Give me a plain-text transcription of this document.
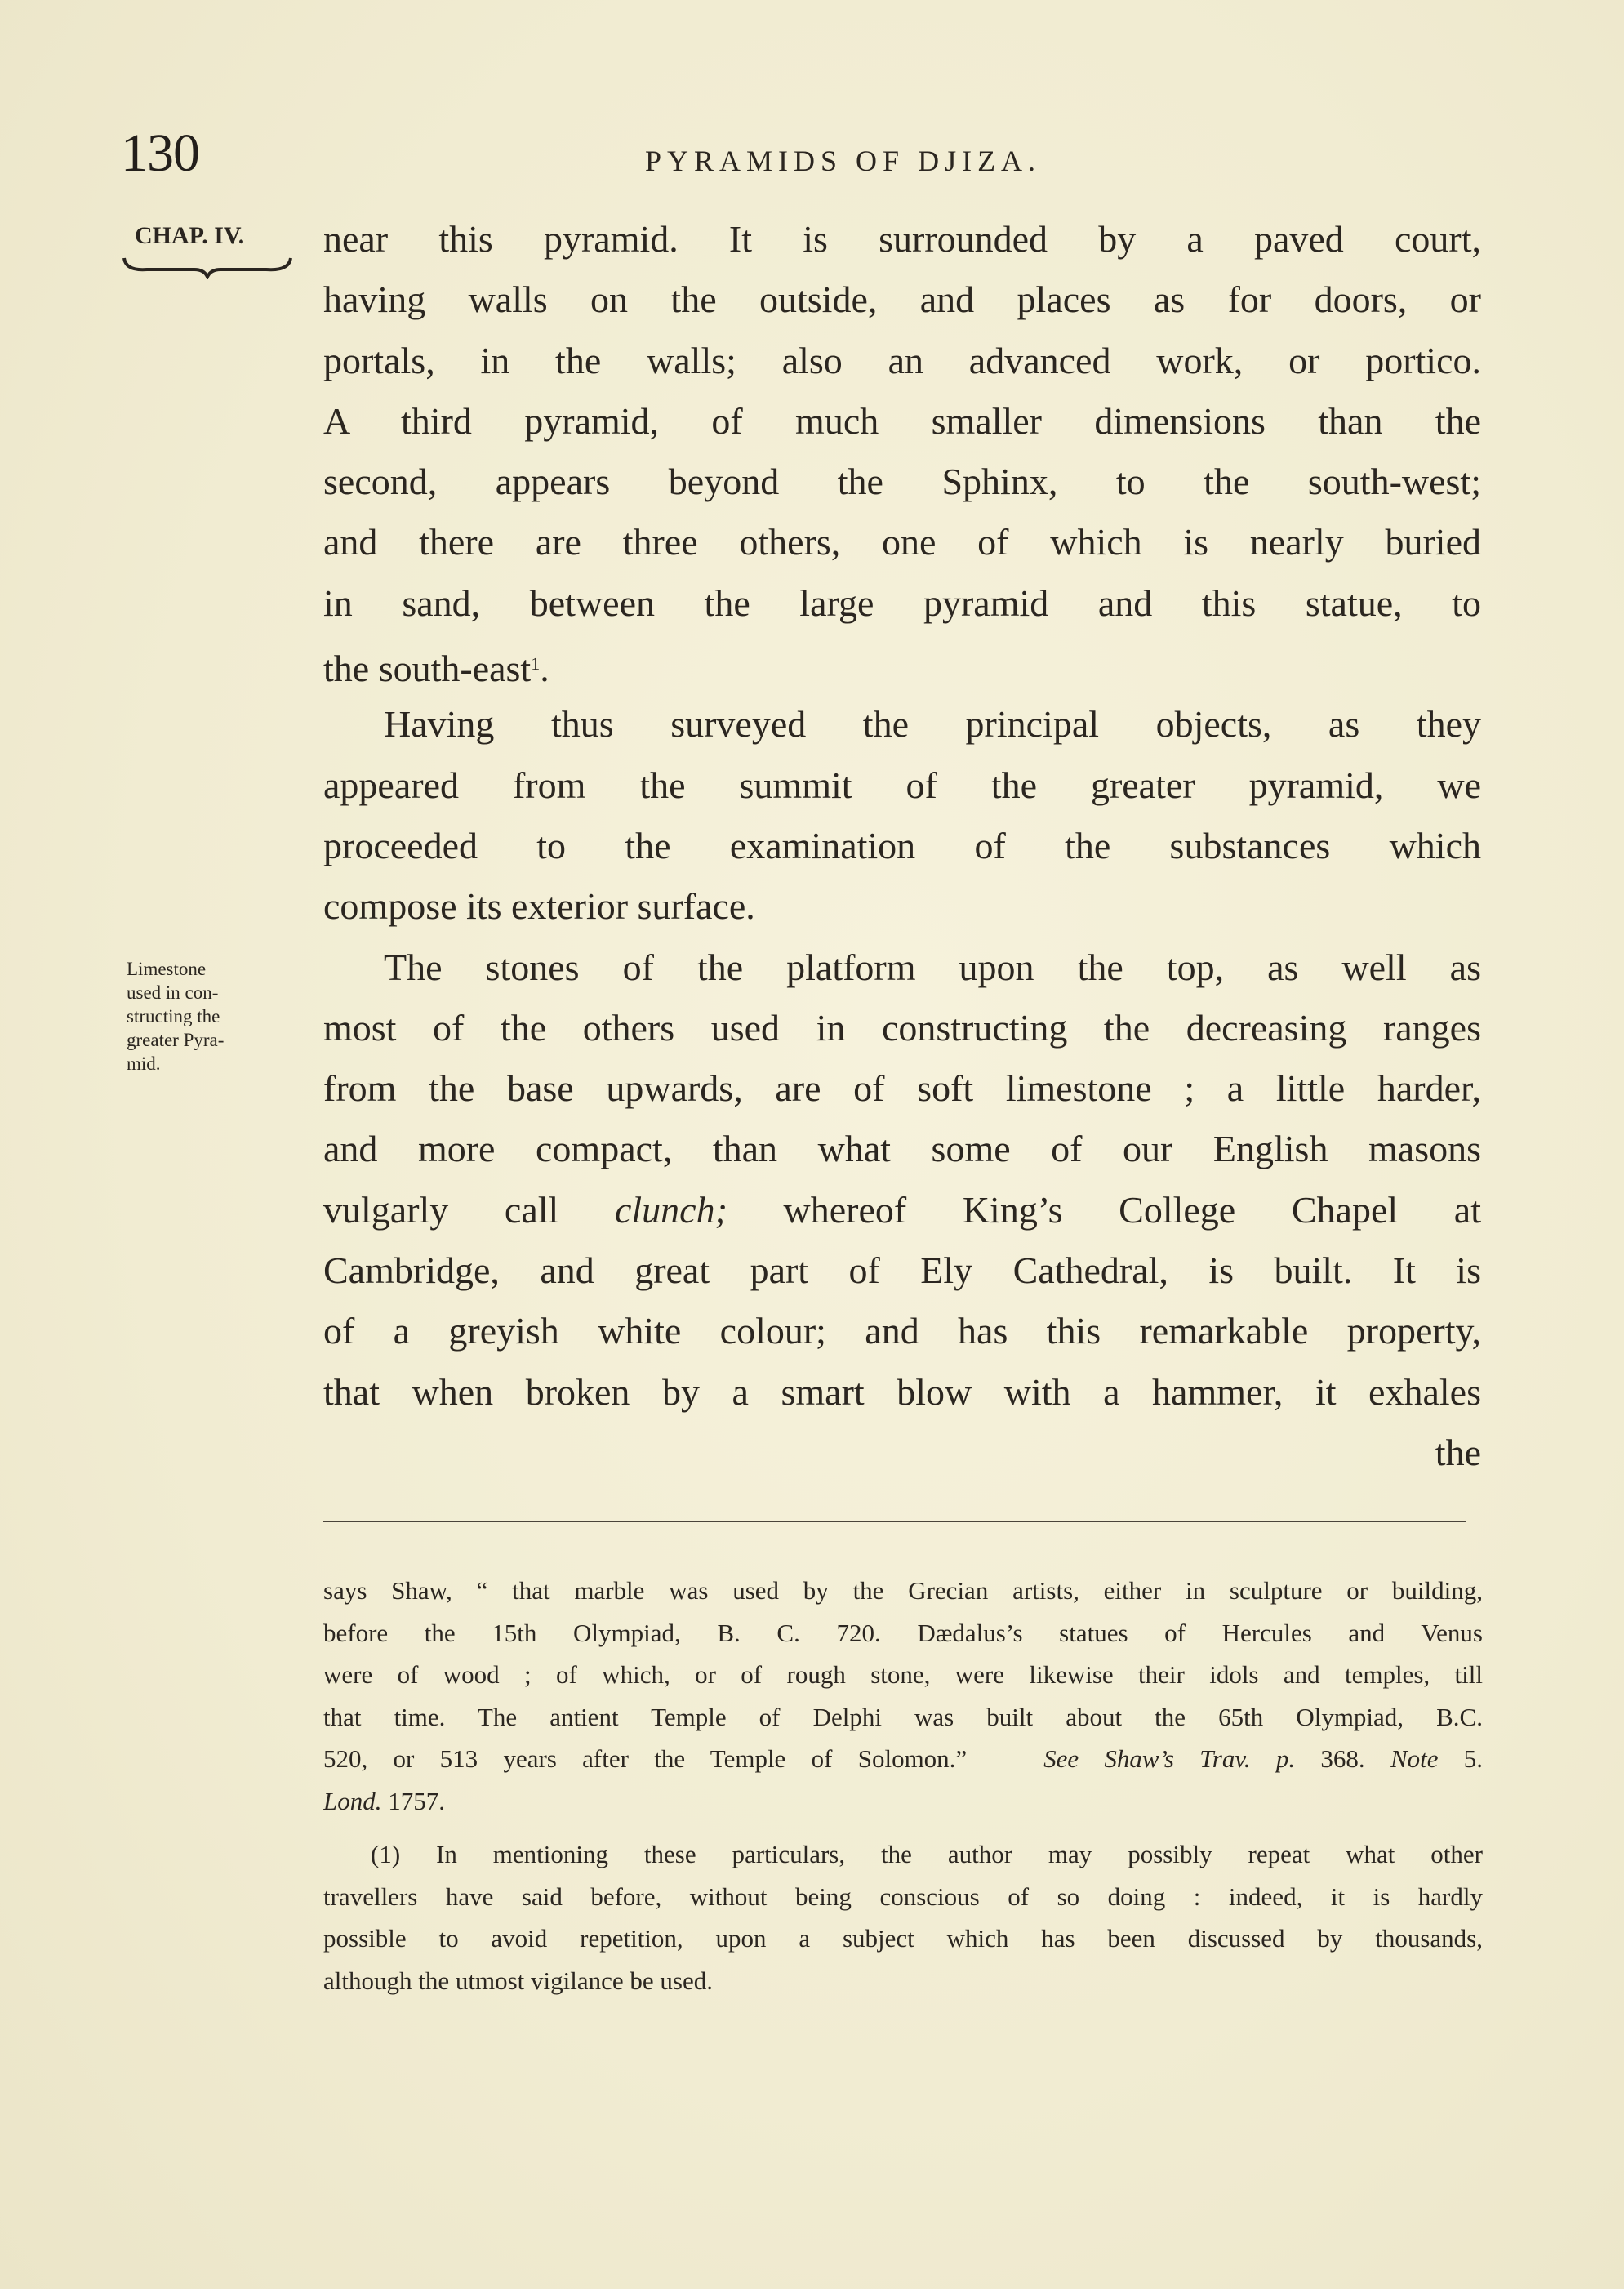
130	PYRAMIDS OF DJIZA.
CHAP. IV.
Limestone
used in con-
structing the
greater Pyra-
mid.
near this pyramid. It is surrounded by a paved court,
having walls on the outside, and places as for doors, or
portals, in the walls; also an advanced work, or portico.
A third pyramid, of much smaller dimensions than the
second, appears beyond the Sphinx, to the south-west;
and there are three others, one of which is nearly buried
in sand, between the large pyramid and this statue, to
the south-east$^1$.
Having thus surveyed the principal objects, as they
appeared from the summit of the greater pyramid, we
proceeded to the examination of the substances which
compose its exterior surface.
The stones of the platform upon the top, as well as
most of the others used in constructing the decreasing ranges
from the base upwards, are of soft limestone ; a little harder,
and more compact, than what some of our English masons
vulgarly call clunch; whereof King’s College Chapel at
Cambridge, and great part of Ely Cathedral, is built. It is
of a greyish white colour; and has this remarkable property,
that when broken by a smart blow with a hammer, it exhales
the
says Shaw, “ that marble was used by the Grecian artists, either in sculpture or building,
before the 15th Olympiad, B. C. 720. Dædalus’s statues of Hercules and Venus
were of wood ; of which, or of rough stone, were likewise their idols and temples, till
that time. The antient Temple of Delphi was built about the 65th Olympiad, B.C.
520, or 513 years after the Temple of Solomon.”	See Shaw’s Trav. p. 368. Note 5.
Lond. 1757.
(1) In mentioning these particulars, the author may possibly repeat what other
travellers have said before, without being conscious of so doing : indeed, it is hardly
possible to avoid repetition, upon a subject which has been discussed by thousands,
although the utmost vigilance be used.
